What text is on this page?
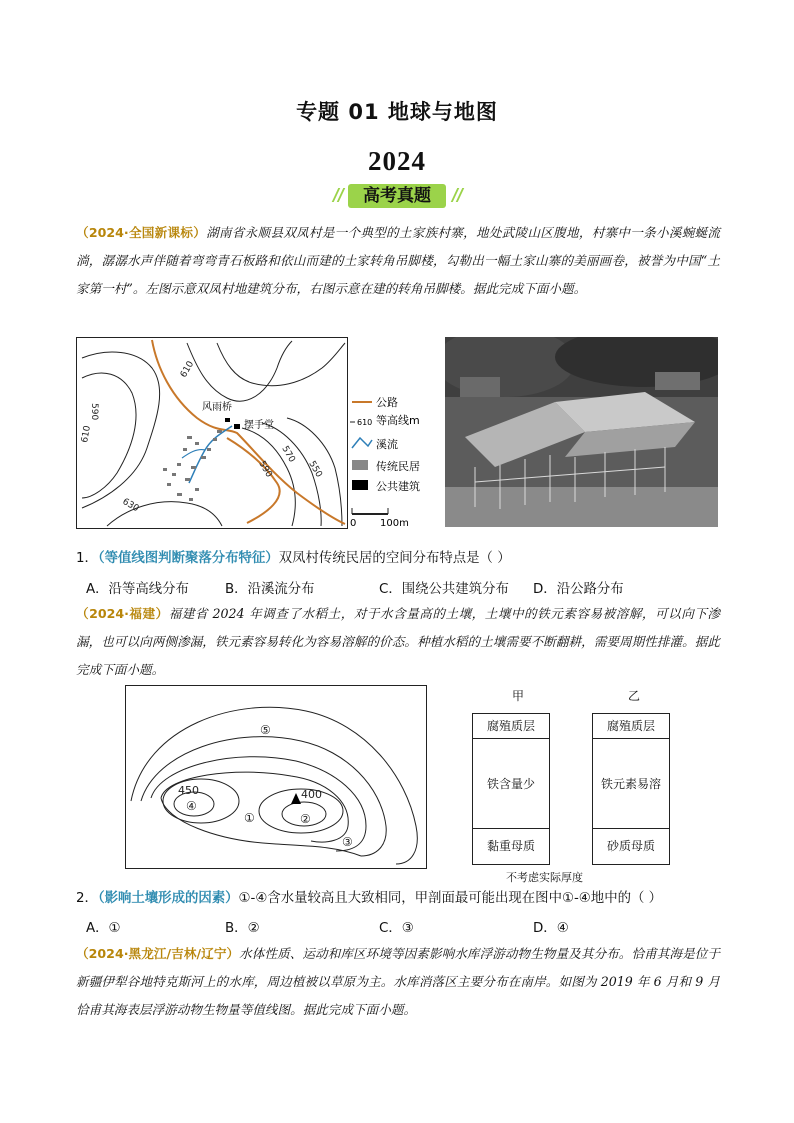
专题 01 地球与地图
2024
高考真题
（2024·全国新课标）湖南省永顺县双凤村是一个典型的土家族村寨，地处武陵山区腹地，村寨中一条小溪蜿蜒流淌，潺潺水声伴随着弯弯青石板路和依山而建的土家转角吊脚楼，勾勒出一幅土家山寨的美丽画卷，被誉为中国“土家第一村”。左图示意双凤村地建筑分布，右图示意在建的转角吊脚楼。据此完成下面小题。
风雨桥
摆手堂
610
590
610
630
590
570
550
公路
610 等高线m
溪流
传统民居
公共建筑
0 100m
1．（等值线图判断聚落分布特征）双凤村传统民居的空间分布特点是（ ）
A．沿等高线分布	B．沿溪流分布	C．围绕公共建筑分布 D．沿公路分布
（2024·福建）福建省 2024 年调查了水稻土，对于水含量高的土壤，土壤中的铁元素容易被溶解，可以向下渗漏，也可以向两侧渗漏，铁元素容易转化为容易溶解的价态。种植水稻的土壤需要不断翻耕，需要周期性排灌。据此完成下面小题。
⑤
450
④
①
400
②
③
甲	乙
腐殖质层
铁含量少
黏重母质
腐殖质层
铁元素易溶
砂质母质
不考虑实际厚度
2．（影响土壤形成的因素）①-④含水量较高且大致相同，甲剖面最可能出现在图中①-④地中的（ ）
A．①	B．②	C．③	D．④
（2024·黑龙江/吉林/辽宁）水体性质、运动和库区环境等因素影响水库浮游动物生物量及其分布。恰甫其海是位于新疆伊犁谷地特克斯河上的水库，周边植被以草原为主。水库消落区主要分布在南岸。如图为 2019 年 6 月和 9 月恰甫其海表层浮游动物生物量等值线图。据此完成下面小题。
